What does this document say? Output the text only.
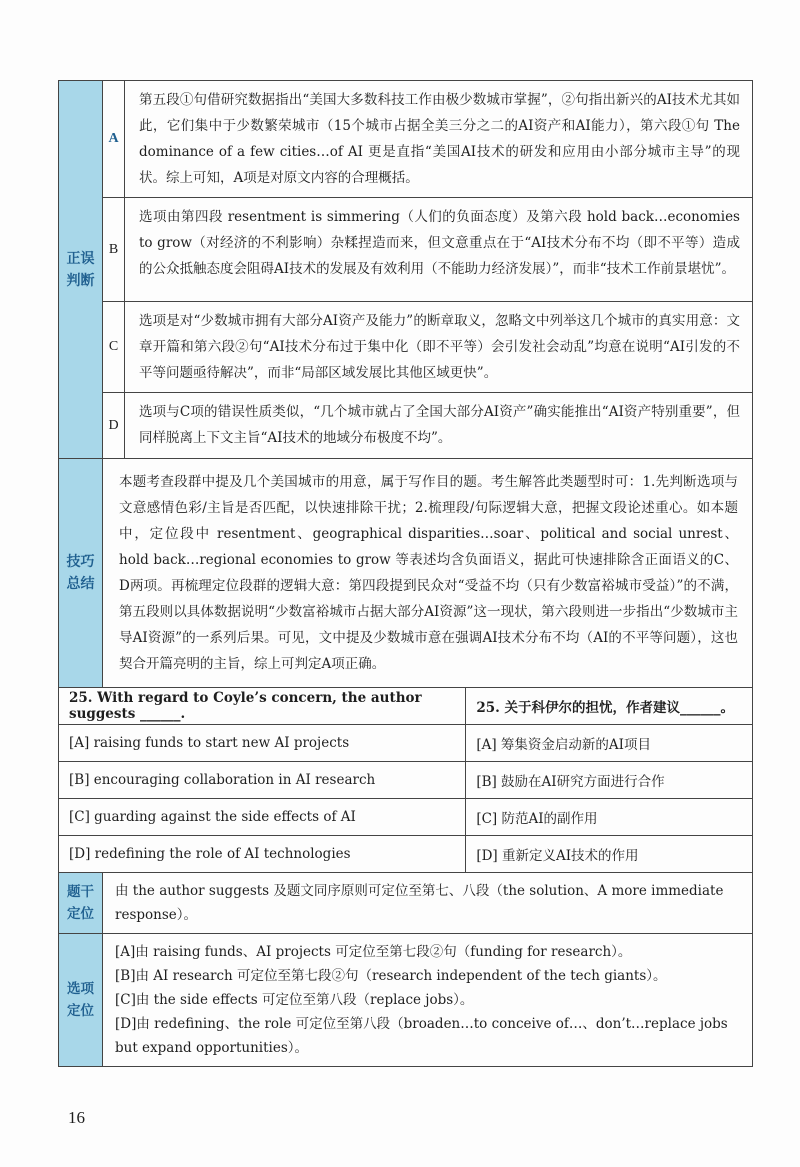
正误判断	A	第五段①句借研究数据指出“美国大多数科技工作由极少数城市掌握”，②句指出新兴的AI技术尤其如此，它们集中于少数繁荣城市（15个城市占据全美三分之二的AI资产和AI能力），第六段①句 The dominance of a few cities…of AI 更是直指“美国AI技术的研发和应用由小部分城市主导”的现状。综上可知，A项是对原文内容的合理概括。
	B	选项由第四段 resentment is simmering（人们的负面态度）及第六段 hold back…economies to grow（对经济的不利影响）杂糅捏造而来，但文意重点在于“AI技术分布不均（即不平等）造成的公众抵触态度会阻碍AI技术的发展及有效利用（不能助力经济发展）”，而非“技术工作前景堪忧”。
	C	选项是对“少数城市拥有大部分AI资产及能力”的断章取义，忽略文中列举这几个城市的真实用意：文章开篇和第六段②句“AI技术分布过于集中化（即不平等）会引发社会动乱”均意在说明“AI引发的不平等问题亟待解决”，而非“局部区域发展比其他区域更快”。
	D	选项与C项的错误性质类似，“几个城市就占了全国大部分AI资产”确实能推出“AI资产特别重要”，但同样脱离上下文主旨“AI技术的地域分布极度不均”。
技巧总结	本题考查段群中提及几个美国城市的用意，属于写作目的题。考生解答此类题型时可：1.先判断选项与文意感情色彩/主旨是否匹配，以快速排除干扰；2.梳理段/句际逻辑大意，把握文段论述重心。如本题中，定位段中 resentment、geographical disparities…soar、political and social unrest、hold back…regional economies to grow 等表述均含负面语义，据此可快速排除含正面语义的C、D两项。再梳理定位段群的逻辑大意：第四段提到民众对“受益不均（只有少数富裕城市受益）”的不满，第五段则以具体数据说明“少数富裕城市占据大部分AI资源”这一现状，第六段则进一步指出“少数城市主导AI资源”的一系列后果。可见，文中提及少数城市意在强调AI技术分布不均（AI的不平等问题），这也契合开篇亮明的主旨，综上可判定A项正确。	
25. With regard to Coyle’s concern, the author suggests ______.		25. 关于科伊尔的担忧，作者建议______。
[A] raising funds to start new AI projects		[A] 筹集资金启动新的AI项目
[B] encouraging collaboration in AI research		[B] 鼓励在AI研究方面进行合作
[C] guarding against the side effects of AI		[C] 防范AI的副作用
[D] redefining the role of AI technologies		[D] 重新定义AI技术的作用
题干定位	由 the author suggests 及题文同序原则可定位至第七、八段（the solution、A more immediate response）。	
选项定位	[A]由 raising funds、AI projects 可定位至第七段②句（funding for research）。
[B]由 AI research 可定位至第七段②句（research independent of the tech giants）。
[C]由 the side effects 可定位至第八段（replace jobs）。
[D]由 redefining、the role 可定位至第八段（broaden…to conceive of…、don’t…replace jobs but expand opportunities）。	
16
